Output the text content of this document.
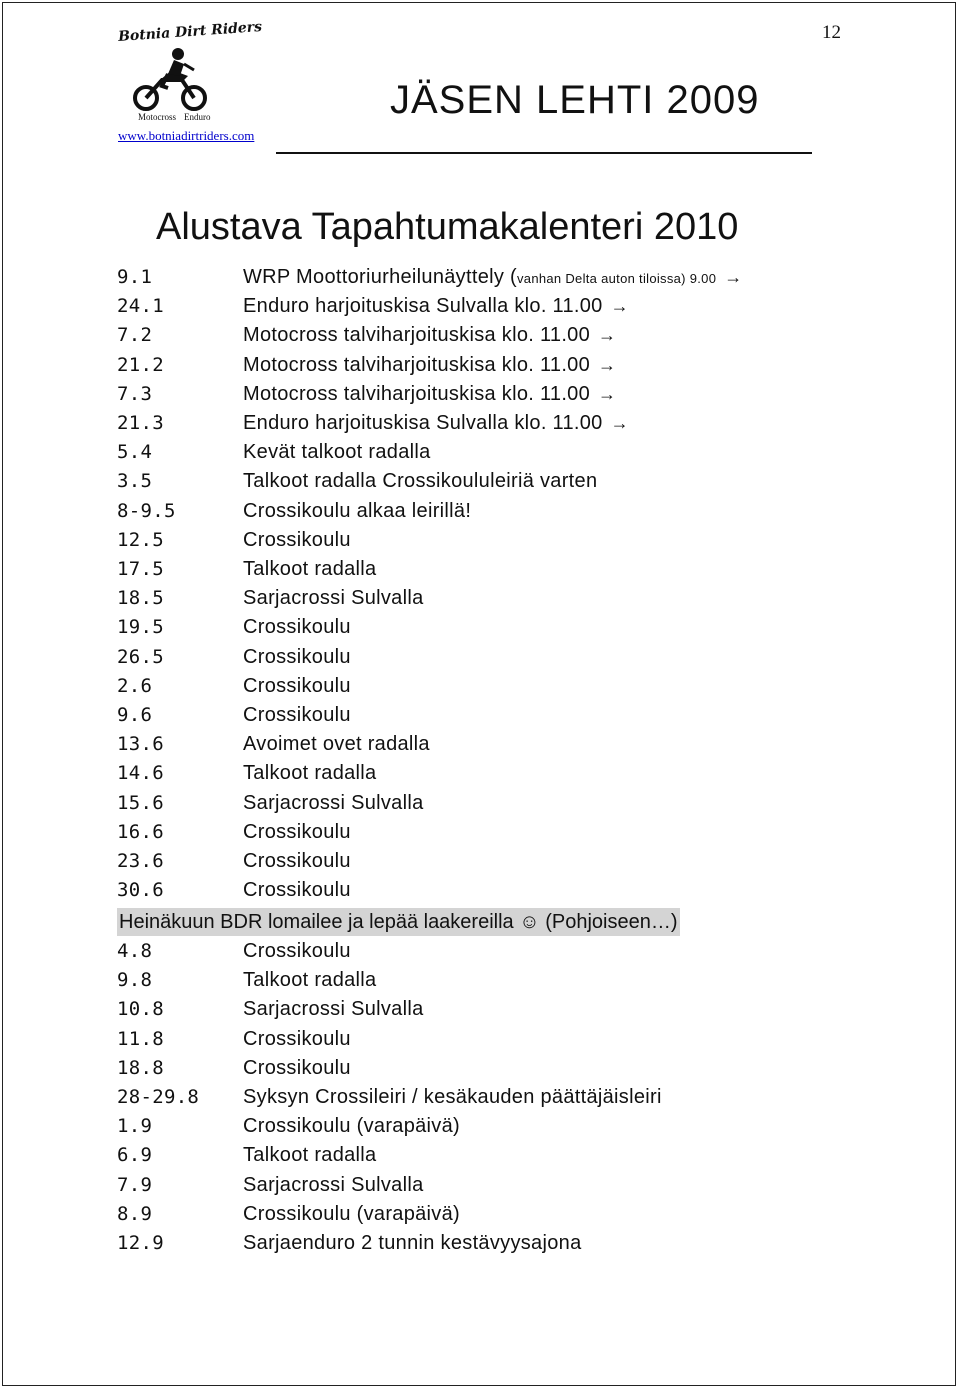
Botnia Dirt Riders
Motocross Enduro
www.botniadirtriders.com
12
JÄSEN LEHTI 2009
Alustava Tapahtumakalenteri 2010
9.1	WRP Moottoriurheilunäyttely (vanhan Delta auton tiloissa) 9.00 →
24.1	Enduro harjoituskisa Sulvalla klo. 11.00 →
7.2	Motocross talviharjoituskisa klo. 11.00 →
21.2	Motocross talviharjoituskisa klo. 11.00 →
7.3	Motocross talviharjoituskisa klo. 11.00 →
21.3	Enduro harjoituskisa Sulvalla klo. 11.00 →
5.4	Kevät talkoot radalla
3.5	Talkoot radalla Crossikoululeiriä varten
8-9.5	Crossikoulu alkaa leirillä!
12.5	Crossikoulu
17.5	Talkoot radalla
18.5	Sarjacrossi Sulvalla
19.5	Crossikoulu
26.5	Crossikoulu
2.6	Crossikoulu
9.6	Crossikoulu
13.6	Avoimet ovet radalla
14.6	Talkoot radalla
15.6	Sarjacrossi Sulvalla
16.6	Crossikoulu
23.6	Crossikoulu
30.6	Crossikoulu
4.8	Crossikoulu
9.8	Talkoot radalla
10.8	Sarjacrossi Sulvalla
11.8	Crossikoulu
18.8	Crossikoulu
28-29.8 Syksyn Crossileiri / kesäkauden päättäjäisleiri
1.9	Crossikoulu (varapäivä)
6.9	Talkoot radalla
7.9	Sarjacrossi Sulvalla
8.9	Crossikoulu (varapäivä)
12.9	Sarjaenduro 2 tunnin kestävyysajona
Heinäkuun BDR lomailee ja lepää laakereilla ☺ (Pohjoiseen…)
